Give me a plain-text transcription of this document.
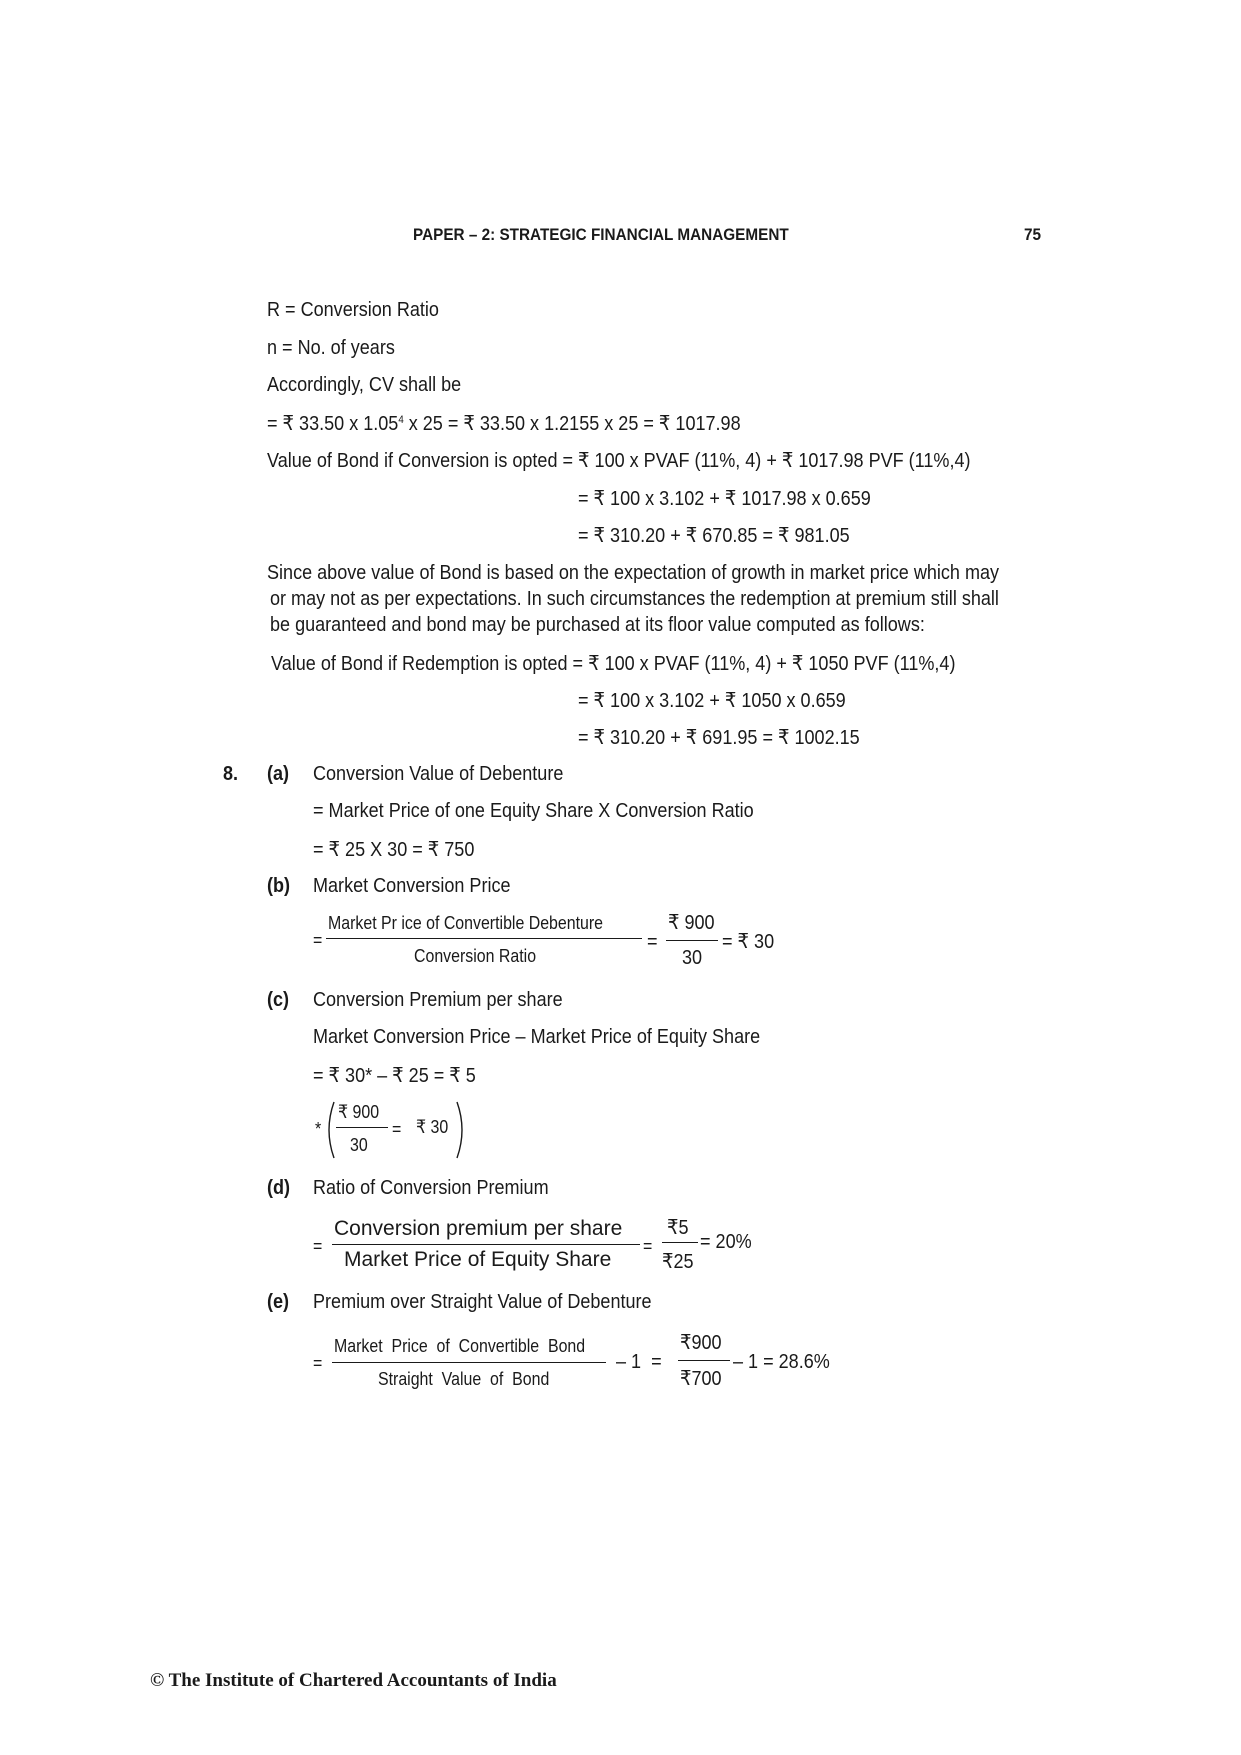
PAPER – 2: STRATEGIC FINANCIAL MANAGEMENT	75
R = Conversion Ratio
n = No. of years
Accordingly, CV shall be
= ₹ 33.50 x 1.05$^4$ x 25 = ₹ 33.50 x 1.2155 x 25 = ₹ 1017.98
Value of Bond if Conversion is opted = ₹ 100 x PVAF (11%, 4) + ₹ 1017.98 PVF (11%,4)
= ₹ 100 x 3.102 + ₹ 1017.98 x 0.659
= ₹ 310.20 + ₹ 670.85 = ₹ 981.05
Since above value of Bond is based on the expectation of growth in market price which may
or may not as per expectations. In such circumstances the redemption at premium still shall
be guaranteed and bond may be purchased at its floor value computed as follows:
Value of Bond if Redemption is opted = ₹ 100 x PVAF (11%, 4) + ₹ 1050 PVF (11%,4)
= ₹ 100 x 3.102 + ₹ 1050 x 0.659
= ₹ 310.20 + ₹ 691.95 = ₹ 1002.15
8. (a) Conversion Value of Debenture
= Market Price of one Equity Share X Conversion Ratio
= ₹ 25 X 30 = ₹ 750
(b) Market Conversion Price
=
Market Pr ice of Convertible Debenture
Conversion Ratio
=
₹ 900
30
= ₹ 30
(c) Conversion Premium per share
Market Conversion Price – Market Price of Equity Share
= ₹ 30* – ₹ 25 = ₹ 5
*
₹ 900
30
= ₹ 30
(d) Ratio of Conversion Premium
=
Conversion premium per share
Market Price of Equity Share
=
₹5
₹25
= 20%
(e) Premium over Straight Value of Debenture
=
Market  Price  of  Convertible  Bond
Straight  Value  of  Bond
– 1  =
₹900
₹700
– 1 = 28.6%
© The Institute of Chartered Accountants of India
